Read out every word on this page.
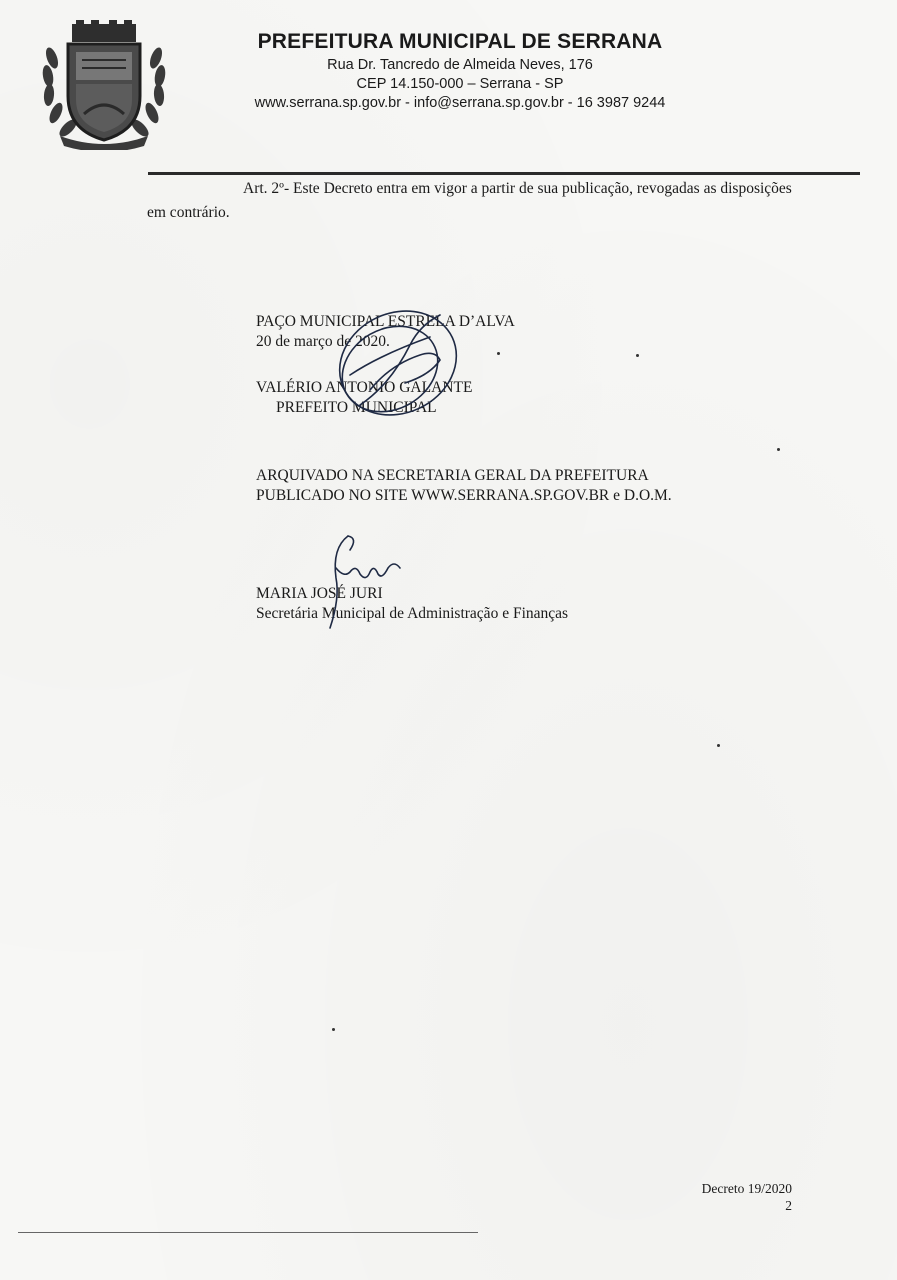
PREFEITURA MUNICIPAL DE SERRANA
Rua Dr. Tancredo de Almeida Neves, 176
CEP 14.150-000 – Serrana - SP
www.serrana.sp.gov.br - info@serrana.sp.gov.br - 16 3987 9244
Art. 2º- Este Decreto entra em vigor a partir de sua publicação, revogadas as disposições em contrário.
PAÇO MUNICIPAL ESTRELA D’ALVA
20 de março de 2020.
VALÉRIO ANTONIO GALANTE
PREFEITO MUNICIPAL
ARQUIVADO NA SECRETARIA GERAL DA PREFEITURA
PUBLICADO NO SITE WWW.SERRANA.SP.GOV.BR e D.O.M.
MARIA JOSÉ JURI
Secretária Municipal de Administração e Finanças
Decreto 19/2020
2
